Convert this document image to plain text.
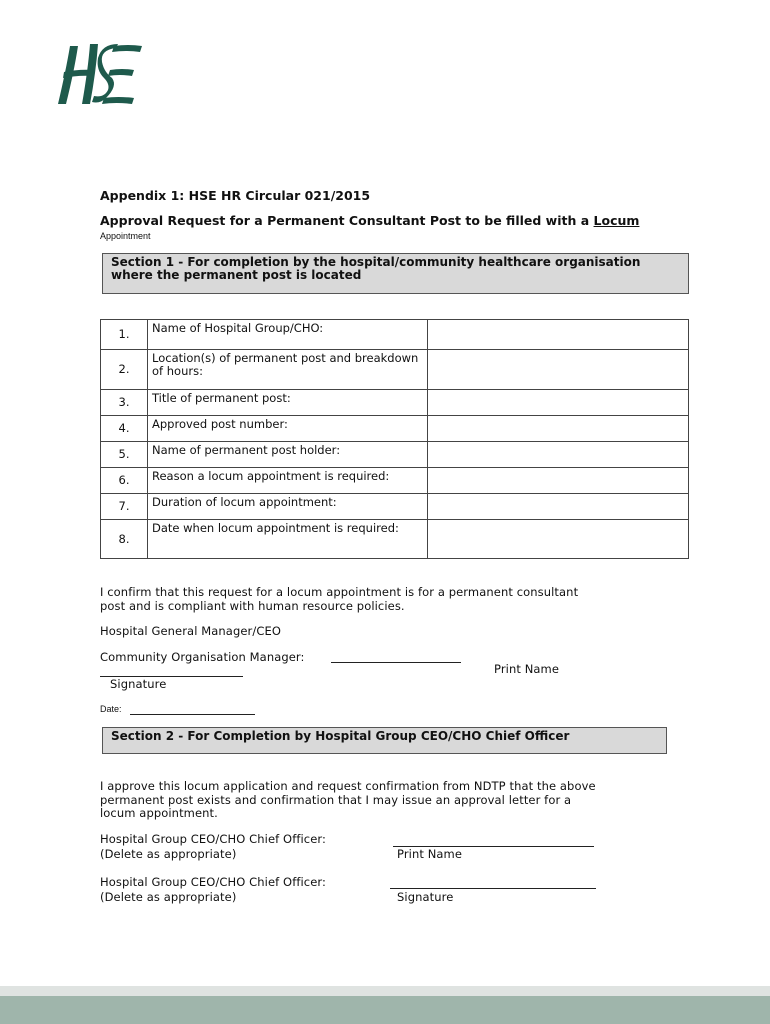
Appendix 1: HSE HR Circular 021/2015
Approval Request for a Permanent Consultant Post to be filled with a Locum
Appointment
Section 1 - For completion by the hospital/community healthcare organisation
where the permanent post is located
1.	Name of Hospital Group/CHO:	
2.	Location(s) of permanent post and breakdown of hours:	
3.	Title of permanent post:	
4.	Approved post number:	
5.	Name of permanent post holder:	
6.	Reason a locum appointment is required:	
7.	Duration of locum appointment:	
8.	Date when locum appointment is required:	
I confirm that this request for a locum appointment is for a permanent consultant
post and is compliant with human resource policies.
Hospital General Manager/CEO
Community Organisation Manager:
Print Name
Signature
Date:
Section 2 - For Completion by Hospital Group CEO/CHO Chief Officer
I approve this locum application and request confirmation from NDTP that the above
permanent post exists and confirmation that I may issue an approval letter for a
locum appointment.
Hospital Group CEO/CHO Chief Officer:
(Delete as appropriate)	Print Name
Hospital Group CEO/CHO Chief Officer:
(Delete as appropriate)	Signature
